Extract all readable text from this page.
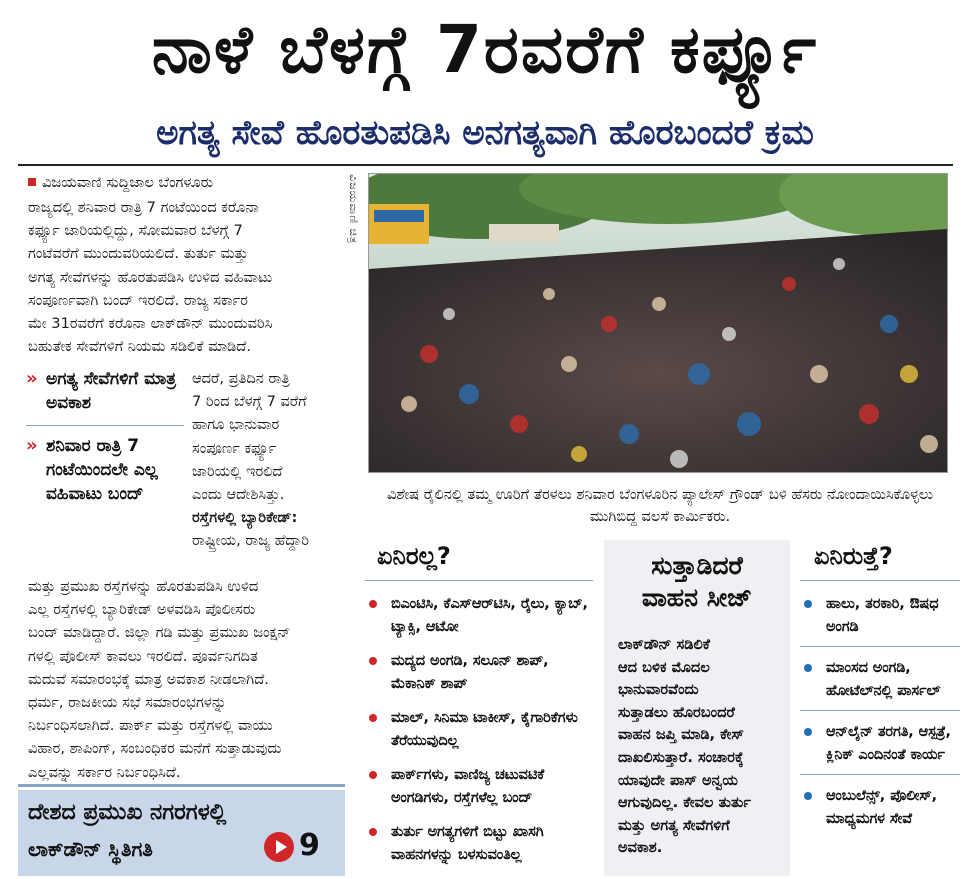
ನಾಳೆ ಬೆಳಗ್ಗೆ 7ರವರೆಗೆ ಕರ್ಫ್ಯೂ
ಅಗತ್ಯ ಸೇವೆ ಹೊರತುಪಡಿಸಿ ಅನಗತ್ಯವಾಗಿ ಹೊರಬಂದರೆ ಕ್ರಮ
ವಿಜಯವಾಣಿ ಸುದ್ದಿಜಾಲ ಬೆಂಗಳೂರು

ರಾಜ್ಯದಲ್ಲಿ ಶನಿವಾರ ರಾತ್ರಿ 7 ಗಂಟೆಯಿಂದ ಕರೊನಾ

ಕರ್ಫ್ಯೂ ಜಾರಿಯಲ್ಲಿದ್ದು, ಸೋಮವಾರ ಬೆಳಗ್ಗೆ 7

ಗಂಟೆವರೆಗೆ ಮುಂದುವರಿಯಲಿದೆ. ತುರ್ತು ಮತ್ತು

ಅಗತ್ಯ ಸೇವೆಗಳನ್ನು ಹೊರತುಪಡಿಸಿ ಉಳಿದ ವಹಿವಾಟು

ಸಂಪೂರ್ಣವಾಗಿ ಬಂದ್ ಇರಲಿದೆ. ರಾಜ್ಯ ಸರ್ಕಾರ

ಮೇ 31ರವರೆಗೆ ಕರೊನಾ ಲಾಕ್‌ಡೌನ್ ಮುಂದುವರಿಸಿ

ಬಹುತೇಕ ಸೇವೆಗಳಿಗೆ ನಿಯಮ ಸಡಿಲಿಕೆ ಮಾಡಿದೆ.

» ಅಗತ್ಯ ಸೇವೆಗಳಿಗೆ ಮಾತ್ರ ಅವಕಾಶ
» ಶನಿವಾರ ರಾತ್ರಿ 7 ಗಂಟೆಯಿಂದಲೇ ಎಲ್ಲ ವಹಿವಾಟು ಬಂದ್

ಆದರೆ, ಪ್ರತಿದಿನ ರಾತ್ರಿ

7 ರಿಂದ ಬೆಳಗ್ಗೆ 7 ವರೆಗೆ

ಹಾಗೂ ಭಾನುವಾರ

ಸಂಪೂರ್ಣ ಕರ್ಫ್ಯೂ

ಜಾರಿಯಲ್ಲಿ ಇರಲಿದೆ

ಎಂದು ಆದೇಶಿಸಿತ್ತು.

ರಸ್ತೆಗಳಲ್ಲಿ ಬ್ಯಾರಿಕೇಡ್:

ರಾಷ್ಟ್ರೀಯ, ರಾಜ್ಯ ಹೆದ್ದಾರಿ

ಮತ್ತು ಪ್ರಮುಖ ರಸ್ತೆಗಳನ್ನು ಹೊರತುಪಡಿಸಿ ಉಳಿದ

ಎಲ್ಲ ರಸ್ತೆಗಳಲ್ಲಿ ಬ್ಯಾರಿಕೇಡ್ ಅಳವಡಿಸಿ ಪೊಲೀಸರು

ಬಂದ್ ಮಾಡಿದ್ದಾರೆ. ಜಿಲ್ಲಾ ಗಡಿ ಮತ್ತು ಪ್ರಮುಖ ಜಂಕ್ಷನ್

ಗಳಲ್ಲಿ ಪೊಲೀಸ್ ಕಾವಲು ಇರಲಿದೆ. ಪೂರ್ವನಿಗದಿತ

ಮದುವೆ ಸಮಾರಂಭಕ್ಕೆ ಮಾತ್ರ ಅವಕಾಶ ನೀಡಲಾಗಿದೆ.

ಧರ್ಮ, ರಾಜಕೀಯ ಸಭೆ ಸಮಾರಂಭಗಳನ್ನು

ನಿರ್ಬಂಧಿಸಲಾಗಿದೆ. ಪಾರ್ಕ್ ಮತ್ತು ರಸ್ತೆಗಳಲ್ಲಿ ವಾಯು

ವಿಹಾರ, ಶಾಪಿಂಗ್, ಸಂಬಂಧಿಕರ ಮನೆಗೆ ಸುತ್ತಾಡುವುದು

ಎಲ್ಲವನ್ನು ಸರ್ಕಾರ ನಿರ್ಬಂಧಿಸಿದೆ.

ದೇಶದ ಪ್ರಮುಖ ನಗರಗಳಲ್ಲಿ
ಲಾಕ್‌ಡೌನ್ ಸ್ಥಿತಿಗತಿ	9
ವಿಜಯವಾಣಿ ಚಿತ್ರ
ವಿಶೇಷ ರೈಲಿನಲ್ಲಿ ತಮ್ಮ ಊರಿಗೆ ತೆರಳಲು ಶನಿವಾರ ಬೆಂಗಳೂರಿನ ಪ್ಯಾಲೇಸ್ ಗ್ರೌಂಡ್ ಬಳಿ ಹೆಸರು ನೋಂದಾಯಿಸಿಕೊಳ್ಳಲು ಮುಗಿಬಿದ್ದ ವಲಸೆ ಕಾರ್ಮಿಕರು.
ಏನಿರಲ್ಲ?
ಬಿಎಂಟಿಸಿ, ಕೆಎಸ್‌ಆರ್‌ಟಿಸಿ, ರೈಲು, ಕ್ಯಾಬ್, ಟ್ಯಾಕ್ಸಿ, ಆಟೋ
ಮದ್ಯದ ಅಂಗಡಿ, ಸಲೂನ್ ಶಾಪ್, ಮೆಕಾನಿಕ್ ಶಾಪ್
ಮಾಲ್, ಸಿನಿಮಾ ಟಾಕೀಸ್, ಕೈಗಾರಿಕೆಗಳು ತೆರೆಯುವುದಿಲ್ಲ
ಪಾರ್ಕ್‌ಗಳು, ವಾಣಿಜ್ಯ ಚಟುವಟಿಕೆ ಅಂಗಡಿಗಳು, ರಸ್ತೆಗಳೆಲ್ಲ ಬಂದ್
ತುರ್ತು ಅಗತ್ಯಗಳಿಗೆ ಬಿಟ್ಟು ಖಾಸಗಿ ವಾಹನಗಳನ್ನು ಬಳಸುವಂತಿಲ್ಲ
ಸುತ್ತಾಡಿದರೆ
ವಾಹನ ಸೀಜ್
ಲಾಕ್‌ಡೌನ್ ಸಡಿಲಿಕೆ
ಆದ ಬಳಿಕ ಮೊದಲ
ಭಾನುವಾರವೆಂದು
ಸುತ್ತಾಡಲು ಹೊರಬಂದರೆ
ವಾಹನ ಜಪ್ತಿ ಮಾಡಿ, ಕೇಸ್
ದಾಖಲಿಸುತ್ತಾರೆ. ಸಂಚಾರಕ್ಕೆ
ಯಾವುದೇ ಪಾಸ್ ಅನ್ವಯ
ಆಗುವುದಿಲ್ಲ. ಕೇವಲ ತುರ್ತು
ಮತ್ತು ಅಗತ್ಯ ಸೇವೆಗಳಿಗೆ
ಅವಕಾಶ.
ಏನಿರುತ್ತೆ?
ಹಾಲು, ತರಕಾರಿ, ಔಷಧ ಅಂಗಡಿ
ಮಾಂಸದ ಅಂಗಡಿ, ಹೋಟೆಲ್‌ನಲ್ಲಿ ಪಾರ್ಸಲ್
ಆನ್‌ಲೈನ್ ತರಗತಿ, ಆಸ್ಪತ್ರೆ, ಕ್ಲಿನಿಕ್ ಎಂದಿನಂತೆ ಕಾರ್ಯ
ಆಂಬುಲೆನ್ಸ್, ಪೊಲೀಸ್, ಮಾಧ್ಯಮಗಳ ಸೇವೆ
